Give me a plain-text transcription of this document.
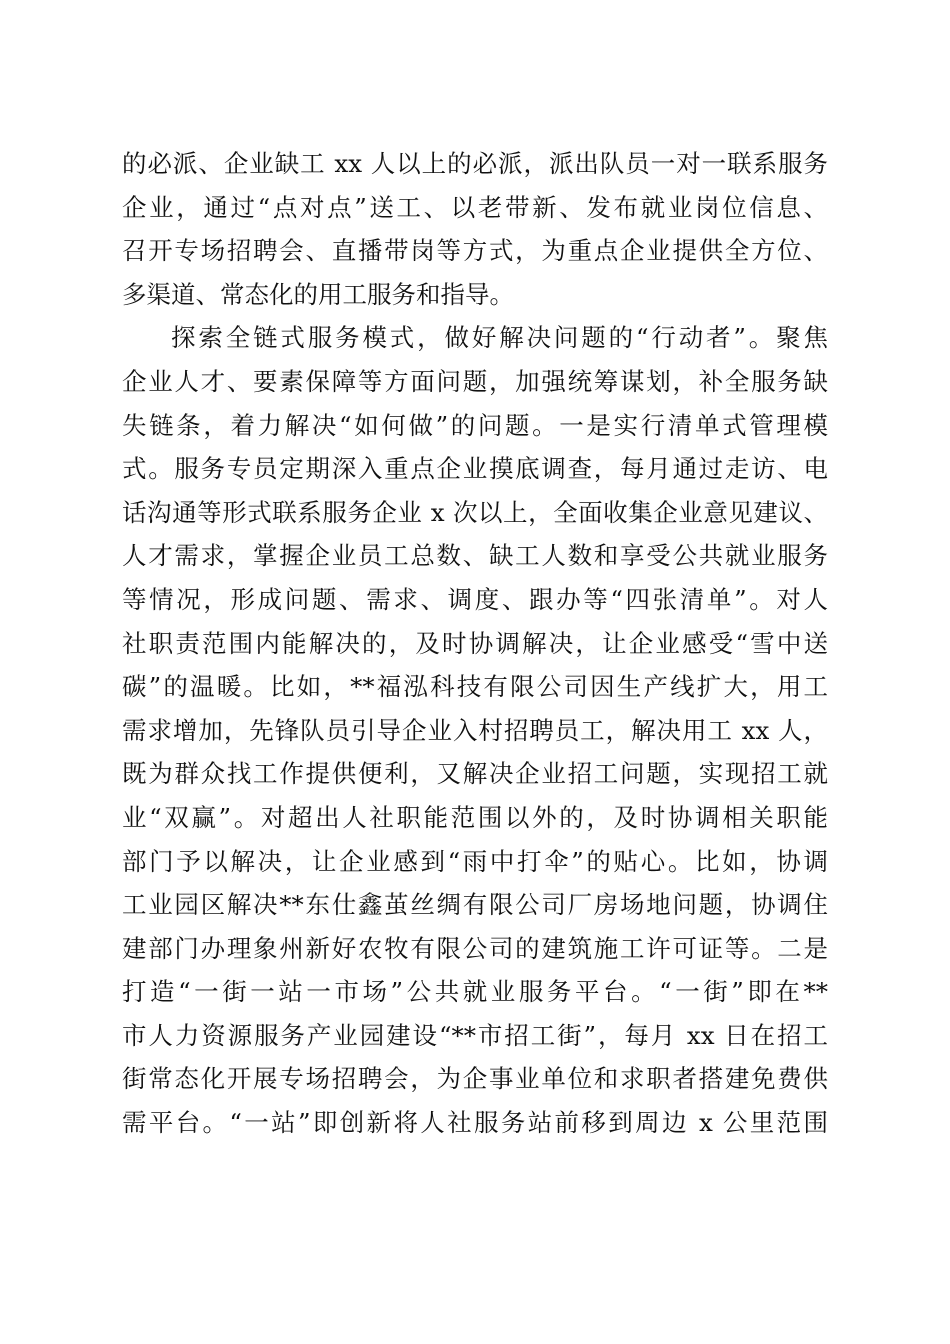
的必派、企业缺工 xx 人以上的必派，派出队员一对一联系服务
企业，通过“点对点”送工、以老带新、发布就业岗位信息、
召开专场招聘会、直播带岗等方式，为重点企业提供全方位、
多渠道、常态化的用工服务和指导。
探索全链式服务模式，做好解决问题的“行动者”。聚焦
企业人才、要素保障等方面问题，加强统筹谋划，补全服务缺
失链条，着力解决“如何做”的问题。一是实行清单式管理模
式。服务专员定期深入重点企业摸底调查，每月通过走访、电
话沟通等形式联系服务企业 x 次以上，全面收集企业意见建议、
人才需求，掌握企业员工总数、缺工人数和享受公共就业服务
等情况，形成问题、需求、调度、跟办等“四张清单”。对人
社职责范围内能解决的，及时协调解决，让企业感受“雪中送
碳”的温暖。比如，**福泓科技有限公司因生产线扩大，用工
需求增加，先锋队员引导企业入村招聘员工，解决用工 xx 人，
既为群众找工作提供便利，又解决企业招工问题，实现招工就
业“双赢”。对超出人社职能范围以外的，及时协调相关职能
部门予以解决，让企业感到“雨中打伞”的贴心。比如，协调
工业园区解决**东仕鑫茧丝绸有限公司厂房场地问题，协调住
建部门办理象州新好农牧有限公司的建筑施工许可证等。二是
打造“一街一站一市场”公共就业服务平台。“一街”即在**
市人力资源服务产业园建设“**市招工街”，每月 xx 日在招工
街常态化开展专场招聘会，为企事业单位和求职者搭建免费供
需平台。“一站”即创新将人社服务站前移到周边 x 公里范围
